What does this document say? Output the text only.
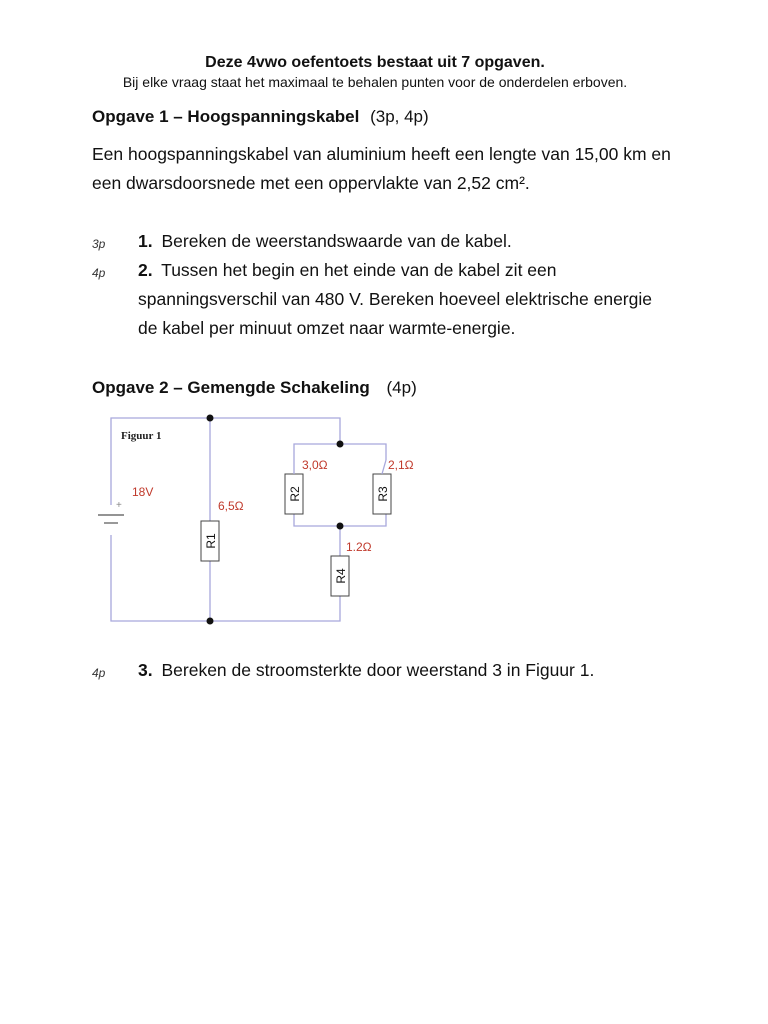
Deze 4vwo oefentoets bestaat uit 7 opgaven.
Bij elke vraag staat het maximaal te behalen punten voor de onderdelen erboven.
Opgave 1 – Hoogspanningskabel (3p, 4p)
Een hoogspanningskabel van aluminium heeft een lengte van 15,00 km en
een dwarsdoorsnede met een oppervlakte van 2,52 cm².
3p 1. Bereken de weerstandswaarde van de kabel.
4p 2. Tussen het begin en het einde van de kabel zit een
spanningsverschil van 480 V. Bereken hoeveel elektrische energie
de kabel per minuut omzet naar warmte-energie.
Opgave 2 – Gemengde Schakeling (4p)
+
18V
Figuur 1
R1
6,5Ω
R2
3,0Ω
R3
2,1Ω
R4
1.2Ω
4p 3. Bereken de stroomsterkte door weerstand 3 in Figuur 1.
